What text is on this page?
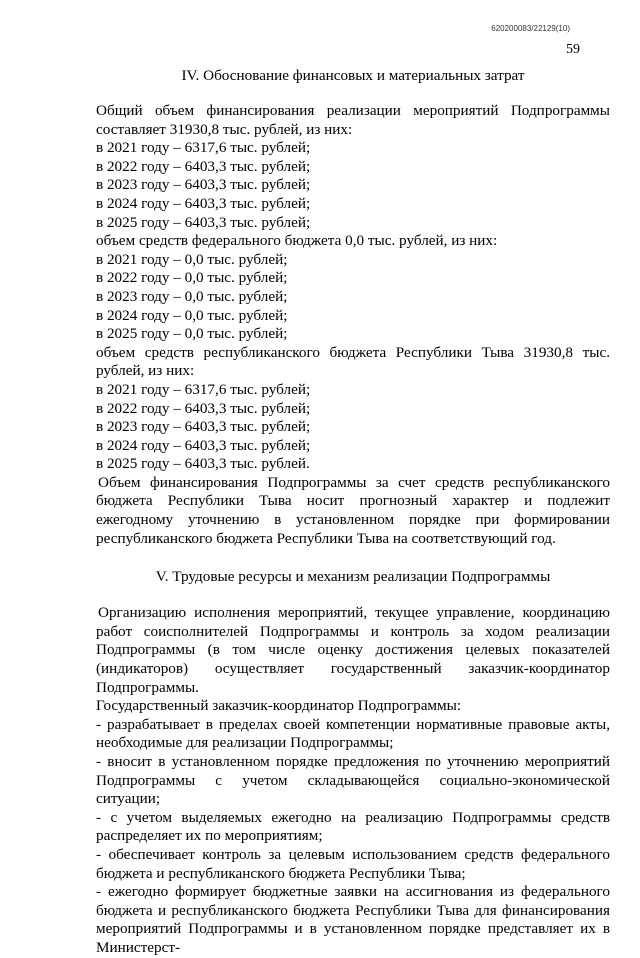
620200083/22129(10)
59

IV. Обоснование финансовых и материальных затрат

Общий объем финансирования реализации мероприятий Подпрограммы составляет 31930,8 тыс. рублей, из них:

в 2021 году – 6317,6 тыс. рублей;

в 2022 году – 6403,3 тыс. рублей;

в 2023 году – 6403,3 тыс. рублей;

в 2024 году – 6403,3 тыс. рублей;

в 2025 году – 6403,3 тыс. рублей;

объем средств федерального бюджета 0,0 тыс. рублей, из них:

в 2021 году – 0,0 тыс. рублей;

в 2022 году – 0,0 тыс. рублей;

в 2023 году – 0,0 тыс. рублей;

в 2024 году – 0,0 тыс. рублей;

в 2025 году – 0,0 тыс. рублей;

объем средств республиканского бюджета Республики Тыва 31930,8 тыс. рублей, из них:

в 2021 году – 6317,6 тыс. рублей;

в 2022 году – 6403,3 тыс. рублей;

в 2023 году – 6403,3 тыс. рублей;

в 2024 году – 6403,3 тыс. рублей;

в 2025 году – 6403,3 тыс. рублей.

Объем финансирования Подпрограммы за счет средств республиканского бюджета Республики Тыва носит прогнозный характер и подлежит ежегодному уточнению в установленном порядке при формировании республиканского бюджета Республики Тыва на соответствующий год.

V. Трудовые ресурсы и механизм реализации Подпрограммы

Организацию исполнения мероприятий, текущее управление, координацию работ соисполнителей Подпрограммы и контроль за ходом реализации Подпрограммы (в том числе оценку достижения целевых показателей (индикаторов) осуществляет государственный заказчик-координатор Подпрограммы.

Государственный заказчик-координатор Подпрограммы:

- разрабатывает в пределах своей компетенции нормативные правовые акты, необходимые для реализации Подпрограммы;

- вносит в установленном порядке предложения по уточнению мероприятий Подпрограммы с учетом складывающейся социально-экономической ситуации;

- с учетом выделяемых ежегодно на реализацию Подпрограммы средств распределяет их по мероприятиям;

- обеспечивает контроль за целевым использованием средств федерального бюджета и республиканского бюджета Республики Тыва;

- ежегодно формирует бюджетные заявки на ассигнования из федерального бюджета и республиканского бюджета Республики Тыва для финансирования мероприятий Подпрограммы и в установленном порядке представляет их в Министерст-
